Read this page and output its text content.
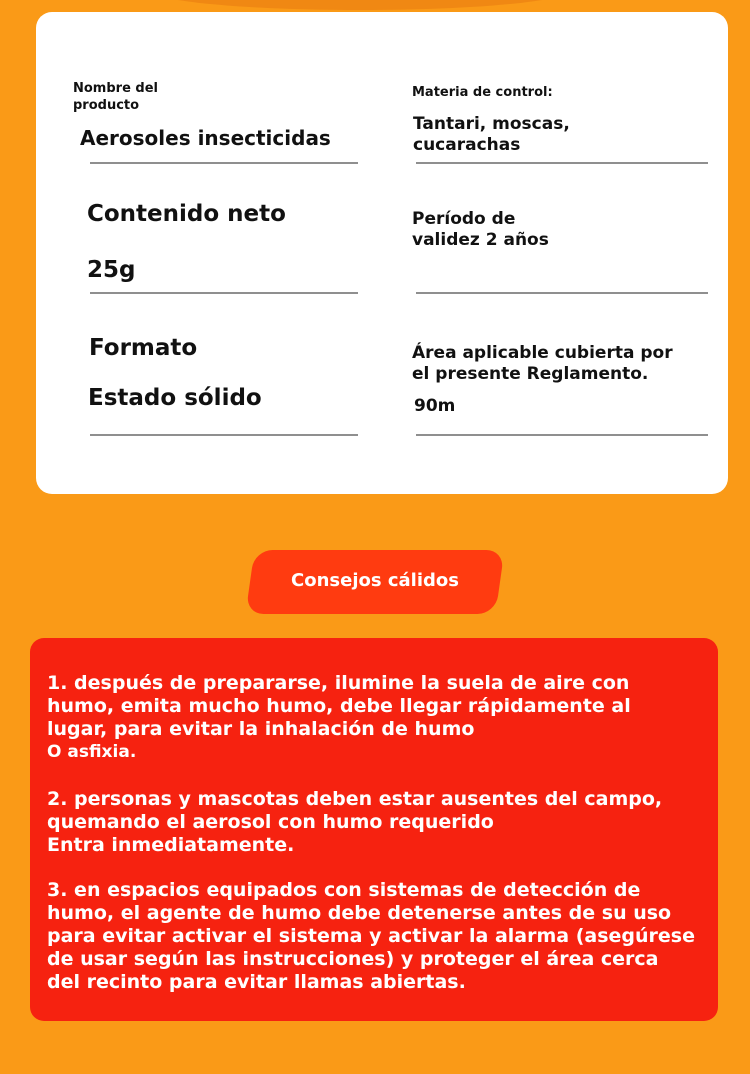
Nombre del producto
Aerosoles insecticidas
Contenido neto
25g
Formato
Estado sólido
Materia de control:
Tantari, moscas, cucarachas
Período de validez 2 años
Área aplicable cubierta por el presente Reglamento.
90m
Consejos cálidos
1. después de prepararse, ilumine la suela de aire con humo, emita mucho humo, debe llegar rápidamente al lugar, para evitar la inhalación de humo
O asfixia.
2. personas y mascotas deben estar ausentes del campo, quemando el aerosol con humo requerido
Entra inmediatamente.
3. en espacios equipados con sistemas de detección de humo, el agente de humo debe detenerse antes de su uso para evitar activar el sistema y activar la alarma (asegúrese de usar según las instrucciones) y proteger el área cerca del recinto para evitar llamas abiertas.
